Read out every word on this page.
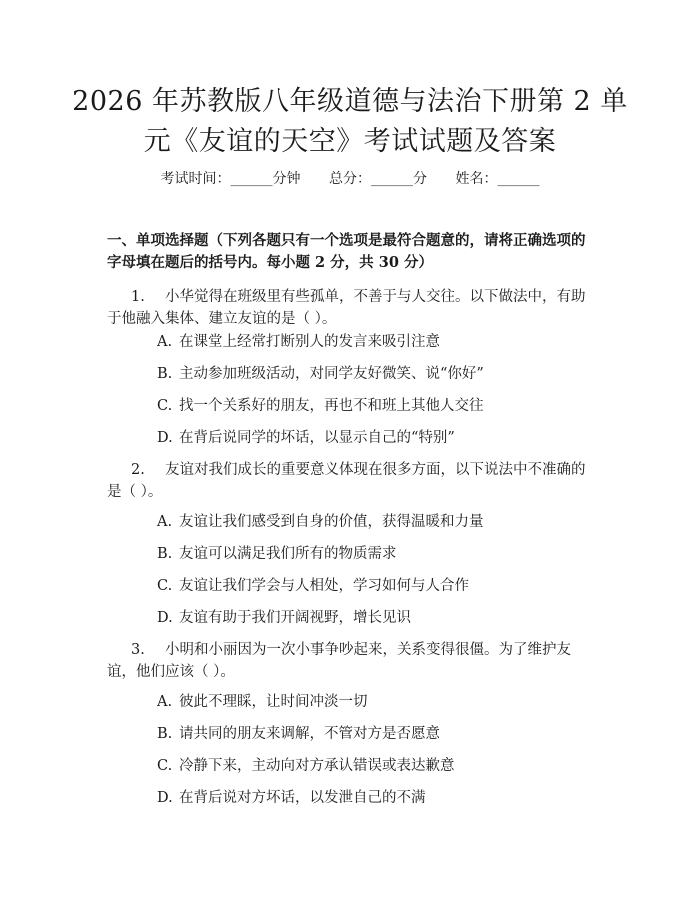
2026 年苏教版八年级道德与法治下册第 2 单
元《友谊的天空》考试试题及答案
考试时间：______分钟 总分：______分 姓名：______

一、单项选择题（下列各题只有一个选项是最符合题意的，请将正确选项的字母填在题后的括号内。每小题 2 分，共 30 分）

1. 小华觉得在班级里有些孤单，不善于与人交往。以下做法中，有助于他融入集体、建立友谊的是（ ）。

A. 在课堂上经常打断别人的发言来吸引注意

B. 主动参加班级活动，对同学友好微笑、说“你好”

C. 找一个关系好的朋友，再也不和班上其他人交往

D. 在背后说同学的坏话，以显示自己的“特别”

2. 友谊对我们成长的重要意义体现在很多方面，以下说法中不准确的是（ ）。

A. 友谊让我们感受到自身的价值，获得温暖和力量

B. 友谊可以满足我们所有的物质需求

C. 友谊让我们学会与人相处，学习如何与人合作

D. 友谊有助于我们开阔视野，增长见识

3. 小明和小丽因为一次小事争吵起来，关系变得很僵。为了维护友谊，他们应该（ ）。

A. 彼此不理睬，让时间冲淡一切

B. 请共同的朋友来调解，不管对方是否愿意

C. 冷静下来，主动向对方承认错误或表达歉意

D. 在背后说对方坏话，以发泄自己的不满
